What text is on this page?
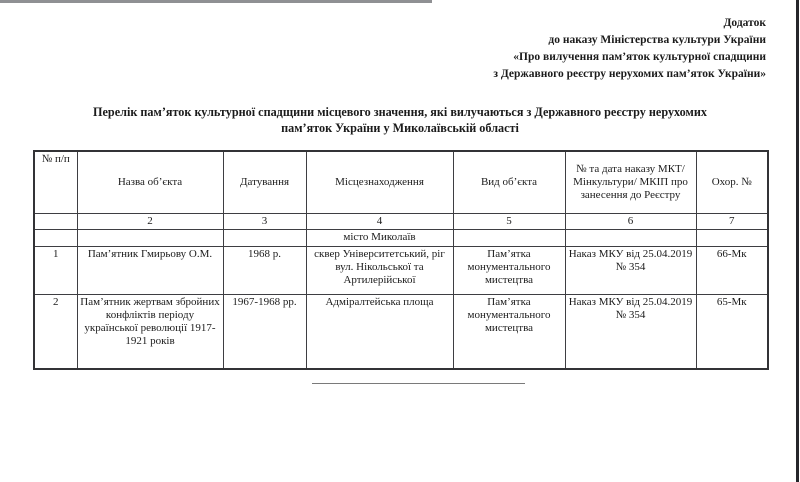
Додаток
до наказу Міністерства культури України
«Про вилучення пам’яток культурної спадщини
з Державного реєстру нерухомих пам’яток України»
Перелік пам’яток культурної спадщини місцевого значення, які вилучаються з Державного реєстру нерухомих
пам’яток України у Миколаївській області
№ п/п	Назва об’єкта	Датування	Місцезнаходження	Вид об’єкта	№ та дата наказу МКТ/Мінкультури/ МКІП про занесення до Реєстру	Охор. №
	2	3	4	5	6	7
			місто Миколаїв			
1	Пам’ятник Гмирьову О.М.	1968 р.	сквер Університетський, ріг вул. Нікольської та Артилерійської	Пам’ятка монументального мистецтва	Наказ МКУ від 25.04.2019 № 354	66-Мк
2	Пам’ятник жертвам збройних конфліктів періоду української революції 1917-1921 років	1967-1968 рр.	Адміралтейська площа	Пам’ятка монументального мистецтва	Наказ МКУ від 25.04.2019 № 354	65-Мк
